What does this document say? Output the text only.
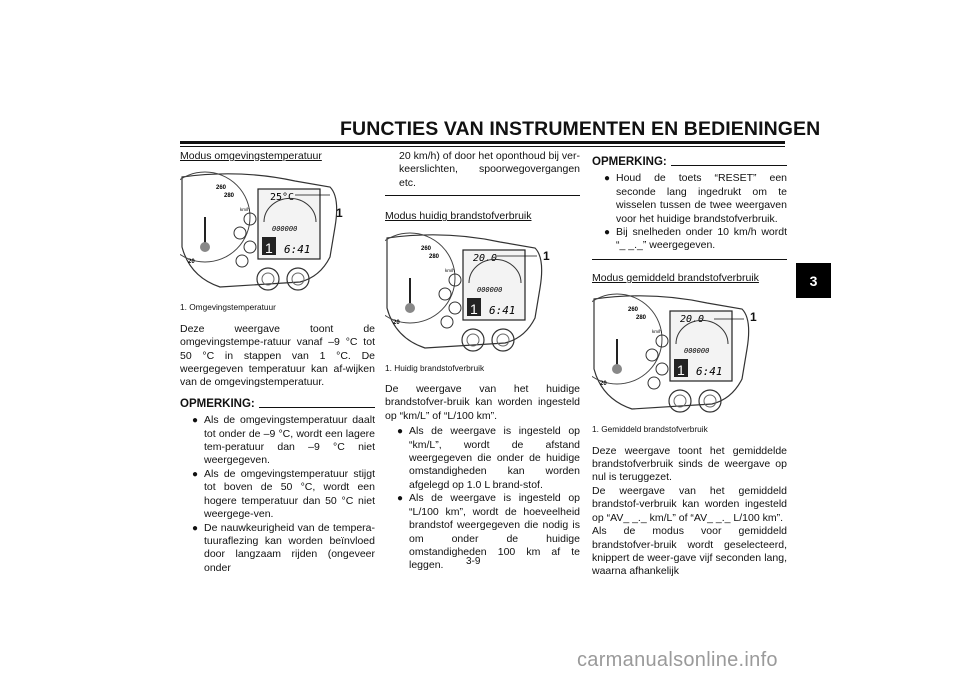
FUNCTIES VAN INSTRUMENTEN EN BEDIENINGEN
3

Modus omgevingstemperatuur

260
280
20
km/h
25°C
000000
1 6:41
1

1. Omgevingstemperatuur

Deze weergave toont de omgevingstempe-ratuur vanaf –9 °C tot 50 °C in stappen van 1 °C. De weergegeven temperatuur kan af-wijken van de omgevingstemperatuur.

OPMERKING:

● Als de omgevingstemperatuur daalt tot onder de –9 °C, wordt een lagere tem-peratuur dan –9 °C niet weergegeven.

● Als de omgevingstemperatuur stijgt tot boven de 50 °C, wordt een hogere temperatuur dan 50 °C niet weergege-ven.

● De nauwkeurigheid van de tempera-tuuraflezing kan worden beïnvloed door langzaam rijden (ongeveer onder

20 km/h) of door het oponthoud bij ver-keerslichten, spoorwegovergangen etc.

Modus huidig brandstofverbruik

260
280
20
km/h
20.0
000000
1 6:41
1

1. Huidig brandstofverbruik

De weergave van het huidige brandstofver-bruik kan worden ingesteld op “km/L” of “L/100 km”.

● Als de weergave is ingesteld op “km/L”, wordt de afstand weergegeven die onder de huidige omstandigheden kan worden afgelegd op 1.0 L brand-stof.

● Als de weergave is ingesteld op “L/100 km”, wordt de hoeveelheid brandstof weergegeven die nodig is om onder de huidige omstandigheden 100 km af te leggen.

OPMERKING:

● Houd de toets “RESET” een seconde lang ingedrukt om te wisselen tussen de twee weergaven voor het huidige brandstofverbruik.

● Bij snelheden onder 10 km/h wordt “_ _._” weergegeven.

Modus gemiddeld brandstofverbruik

260
280
20
km/h
20.0
000000
1 6:41
1

1. Gemiddeld brandstofverbruik

Deze weergave toont het gemiddelde brandstofverbruik sinds de weergave op nul is teruggezet.

De weergave van het gemiddeld brandstof-verbruik kan worden ingesteld op “AV_ _._ km/L” of “AV_ _._ L/100 km”.

Als de modus voor gemiddeld brandstofver-bruik wordt geselecteerd, knippert de weer-gave vijf seconden lang, waarna afhankelijk

3-9
carmanualsonline.info
